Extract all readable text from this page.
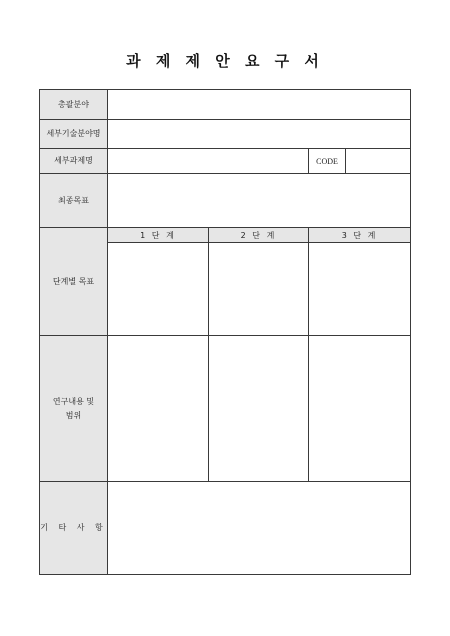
과 제 제 안 요 구 서
총괄분야				
세부기술분야명				
세부과제명			CODE	
최종목표				
단계별 목표	1 단 계	2 단 계	3 단 계	

연구내용 및
범위				

기 타 사 항				
